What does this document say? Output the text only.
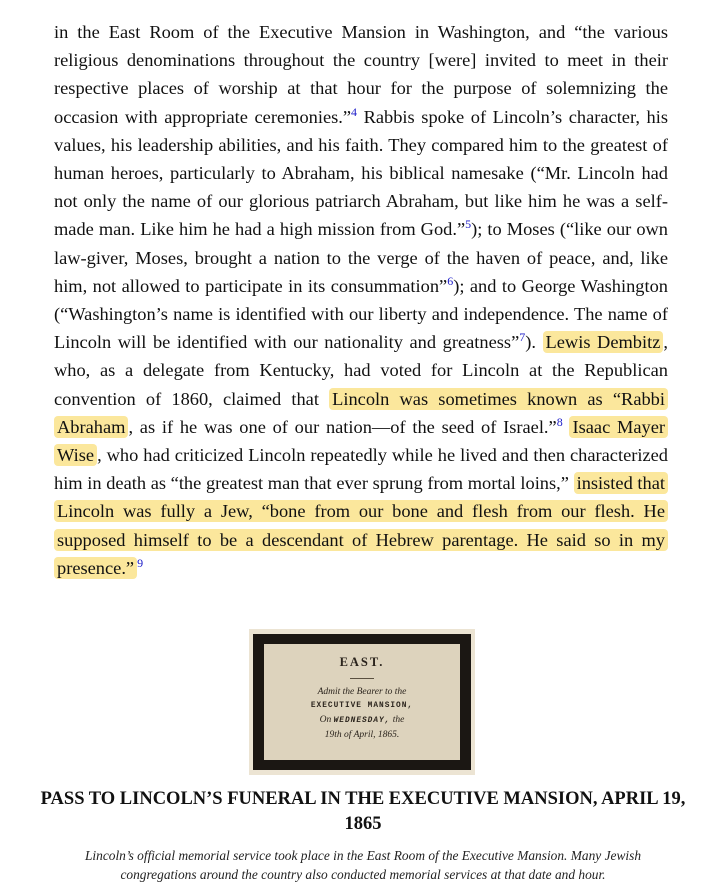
in the East Room of the Executive Mansion in Washington, and “the various religious denominations throughout the country [were] invited to meet in their respective places of worship at that hour for the purpose of solemnizing the occasion with appropriate ceremonies.”$^4$ Rabbis spoke of Lincoln’s character, his values, his leadership abilities, and his faith. They compared him to the greatest of human heroes, particularly to Abraham, his biblical namesake (“Mr. Lincoln had not only the name of our glorious patriarch Abraham, but like him he was a self-made man. Like him he had a high mission from God.”$^5$); to Moses (“like our own law-giver, Moses, brought a nation to the verge of the haven of peace, and, like him, not allowed to participate in its consummation”$^6$); and to George Washington (“Washington’s name is identified with our liberty and independence. The name of Lincoln will be identified with our nationality and greatness”$^7$). Lewis Dembitz , who, as a delegate from Kentucky, had voted for Lincoln at the Republican convention of 1860, claimed that Lincoln was sometimes known as “Rabbi Abraham , as if he was one of our nation—of the seed of Israel.”$^8$ Isaac Mayer Wise , who had criticized Lincoln repeatedly while he lived and then characterized him in death as “the greatest man that ever sprung from mortal loins,” insisted that Lincoln was fully a Jew, “bone from our bone and flesh from our flesh. He supposed himself to be a descendant of Hebrew parentage. He said so in my presence.” $^9$

EAST.
Admit the Bearer to the
EXECUTIVE MANSION,
On WEDNESDAY, the
19th of April, 1865.
PASS TO LINCOLN’S FUNERAL IN THE EXECUTIVE MANSION, APRIL 19, 1865

Lincoln’s official memorial service took place in the East Room of the Executive Mansion. Many Jewish congregations around the country also conducted memorial services at that date and hour.
